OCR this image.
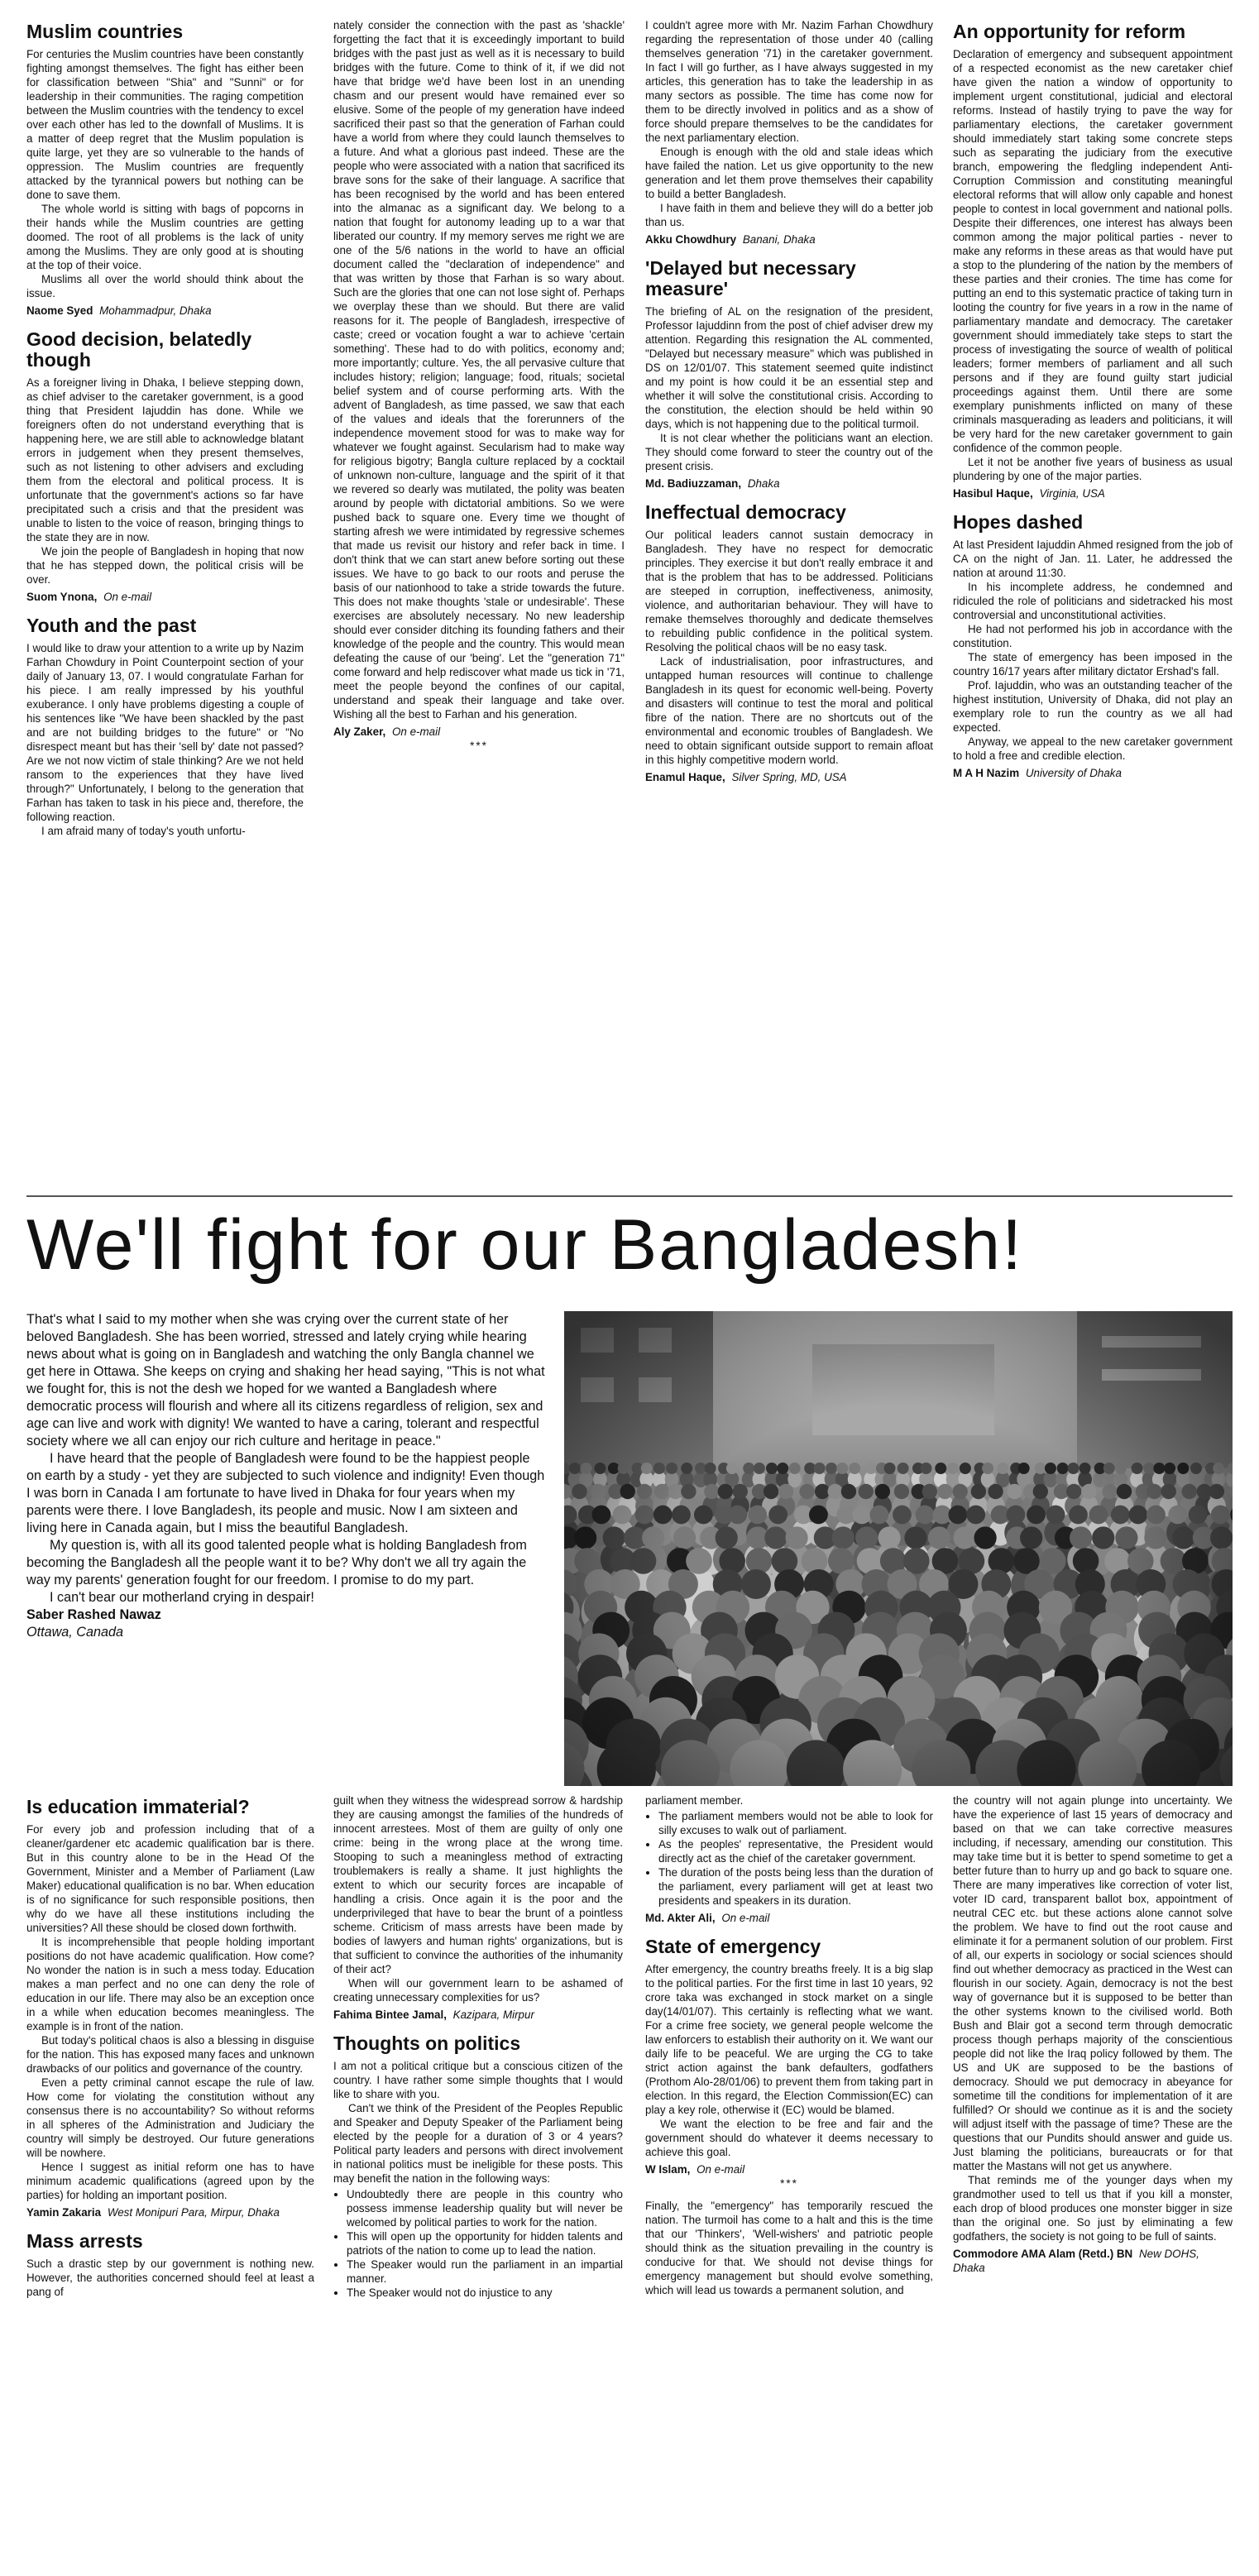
Muslim countries

For centuries the Muslim countries have been constantly fighting amongst themselves. The fight has either been for classification between "Shia" and "Sunni" or for leadership in their communities. The raging competition between the Muslim countries with the tendency to excel over each other has led to the downfall of Muslims. It is a matter of deep regret that the Muslim population is quite large, yet they are so vulnerable to the hands of oppression. The Muslim countries are frequently attacked by the tyrannical powers but nothing can be done to save them.

The whole world is sitting with bags of popcorns in their hands while the Muslim countries are getting doomed. The root of all problems is the lack of unity among the Muslims. They are only good at is shouting at the top of their voice.

Muslims all over the world should think about the issue.

Naome Syed Mohammadpur, Dhaka
Good decision, belatedly though

As a foreigner living in Dhaka, I believe stepping down, as chief adviser to the caretaker government, is a good thing that President Iajuddin has done. While we foreigners often do not understand everything that is happening here, we are still able to acknowledge blatant errors in judgement when they present themselves, such as not listening to other advisers and excluding them from the electoral and political process. It is unfortunate that the government's actions so far have precipitated such a crisis and that the president was unable to listen to the voice of reason, bringing things to the state they are in now.

We join the people of Bangladesh in hoping that now that he has stepped down, the political crisis will be over.

Suom Ynona, On e-mail
Youth and the past

I would like to draw your attention to a write up by Nazim Farhan Chowdury in Point Counterpoint section of your daily of January 13, 07. I would congratulate Farhan for his piece. I am really impressed by his youthful exuberance. I only have problems digesting a couple of his sentences like "We have been shackled by the past and are not building bridges to the future" or "No disrespect meant but has their 'sell by' date not passed? Are we not now victim of stale thinking? Are we not held ransom to the experiences that they have lived through?" Unfortunately, I belong to the generation that Farhan has taken to task in his piece and, therefore, the following reaction.

I am afraid many of today's youth unfortu-

nately consider the connection with the past as 'shackle' forgetting the fact that it is exceedingly important to build bridges with the past just as well as it is necessary to build bridges with the future. Come to think of it, if we did not have that bridge we'd have been lost in an unending chasm and our present would have remained ever so elusive. Some of the people of my generation have indeed sacrificed their past so that the generation of Farhan could have a world from where they could launch themselves to a future. And what a glorious past indeed. These are the people who were associated with a nation that sacrificed its brave sons for the sake of their language. A sacrifice that has been recognised by the world and has been entered into the almanac as a significant day. We belong to a nation that fought for autonomy leading up to a war that liberated our country. If my memory serves me right we are one of the 5/6 nations in the world to have an official document called the "declaration of independence" and that was written by those that Farhan is so wary about. Such are the glories that one can not lose sight of. Perhaps we overplay these than we should. But there are valid reasons for it. The people of Bangladesh, irrespective of caste; creed or vocation fought a war to achieve 'certain something'. These had to do with politics, economy and; more importantly; culture. Yes, the all pervasive culture that includes history; religion; language; food, rituals; societal belief system and of course performing arts. With the advent of Bangladesh, as time passed, we saw that each of the values and ideals that the forerunners of the independence movement stood for was to make way for whatever we fought against. Secularism had to make way for religious bigotry; Bangla culture replaced by a cocktail of unknown non-culture, language and the spirit of it that we revered so dearly was mutilated, the polity was beaten around by people with dictatorial ambitions. So we were pushed back to square one. Every time we thought of starting afresh we were intimidated by regressive schemes that made us revisit our history and refer back in time. I don't think that we can start anew before sorting out these issues. We have to go back to our roots and peruse the basis of our nationhood to take a stride towards the future. This does not make thoughts 'stale or undesirable'. These exercises are absolutely necessary. No new leadership should ever consider ditching its founding fathers and their knowledge of the people and the country. This would mean defeating the cause of our 'being'. Let the "generation 71" come forward and help rediscover what made us tick in '71, meet the people beyond the confines of our capital, understand and speak their language and take over. Wishing all the best to Farhan and his generation.

Aly Zaker, On e-mail
***

I couldn't agree more with Mr. Nazim Farhan Chowdhury regarding the representation of those under 40 (calling themselves generation '71) in the caretaker government. In fact I will go further, as I have always suggested in my articles, this generation has to take the leadership in as many sectors as possible. The time has come now for them to be directly involved in politics and as a show of force should prepare themselves to be the candidates for the next parliamentary election.

Enough is enough with the old and stale ideas which have failed the nation. Let us give opportunity to the new generation and let them prove themselves their capability to build a better Bangladesh.

I have faith in them and believe they will do a better job than us.

Akku Chowdhury Banani, Dhaka
'Delayed but necessary measure'

The briefing of AL on the resignation of the president, Professor Iajuddinn from the post of chief adviser drew my attention. Regarding this resignation the AL commented, "Delayed but necessary measure" which was published in DS on 12/01/07. This statement seemed quite indistinct and my point is how could it be an essential step and whether it will solve the constitutional crisis. According to the constitution, the election should be held within 90 days, which is not happening due to the political turmoil.

It is not clear whether the politicians want an election. They should come forward to steer the country out of the present crisis.

Md. Badiuzzaman, Dhaka
Ineffectual democracy

Our political leaders cannot sustain democracy in Bangladesh. They have no respect for democratic principles. They exercise it but don't really embrace it and that is the problem that has to be addressed. Politicians are steeped in corruption, ineffectiveness, animosity, violence, and authoritarian behaviour. They will have to remake themselves thoroughly and dedicate themselves to rebuilding public confidence in the political system. Resolving the political chaos will be no easy task.

Lack of industrialisation, poor infrastructures, and untapped human resources will continue to challenge Bangladesh in its quest for economic well-being. Poverty and disasters will continue to test the moral and political fibre of the nation. There are no shortcuts out of the environmental and economic troubles of Bangladesh. We need to obtain significant outside support to remain afloat in this highly competitive modern world.

Enamul Haque, Silver Spring, MD, USA
An opportunity for reform

Declaration of emergency and subsequent appointment of a respected economist as the new caretaker chief have given the nation a window of opportunity to implement urgent constitutional, judicial and electoral reforms. Instead of hastily trying to pave the way for parliamentary elections, the caretaker government should immediately start taking some concrete steps such as separating the judiciary from the executive branch, empowering the fledgling independent Anti-Corruption Commission and constituting meaningful electoral reforms that will allow only capable and honest people to contest in local government and national polls. Despite their differences, one interest has always been common among the major political parties - never to make any reforms in these areas as that would have put a stop to the plundering of the nation by the members of these parties and their cronies. The time has come for putting an end to this systematic practice of taking turn in looting the country for five years in a row in the name of parliamentary mandate and democracy. The caretaker government should immediately take steps to start the process of investigating the source of wealth of political leaders; former members of parliament and all such persons and if they are found guilty start judicial proceedings against them. Until there are some exemplary punishments inflicted on many of these criminals masquerading as leaders and politicians, it will be very hard for the new caretaker government to gain confidence of the common people.

Let it not be another five years of business as usual plundering by one of the major parties.

Hasibul Haque, Virginia, USA
Hopes dashed

At last President Iajuddin Ahmed resigned from the job of CA on the night of Jan. 11. Later, he addressed the nation at around 11:30.

In his incomplete address, he condemned and ridiculed the role of politicians and sidetracked his most controversial and unconstitutional activities.

He had not performed his job in accordance with the constitution.

The state of emergency has been imposed in the country 16/17 years after military dictator Ershad's fall.

Prof. Iajuddin, who was an outstanding teacher of the highest institution, University of Dhaka, did not play an exemplary role to run the country as we all had expected.

Anyway, we appeal to the new caretaker government to hold a free and credible election.

M A H Nazim University of Dhaka
We'll fight for our Bangladesh!

That's what I said to my mother when she was crying over the current state of her beloved Bangladesh. She has been worried, stressed and lately crying while hearing news about what is going on in Bangladesh and watching the only Bangla channel we get here in Ottawa. She keeps on crying and shaking her head saying, "This is not what we fought for, this is not the desh we hoped for we wanted a Bangladesh where democratic process will flourish and where all its citizens regardless of religion, sex and age can live and work with dignity! We wanted to have a caring, tolerant and respectful society where we all can enjoy our rich culture and heritage in peace."

I have heard that the people of Bangladesh were found to be the happiest people on earth by a study - yet they are subjected to such violence and indignity! Even though I was born in Canada I am fortunate to have lived in Dhaka for four years when my parents were there. I love Bangladesh, its people and music. Now I am sixteen and living here in Canada again, but I miss the beautiful Bangladesh.

My question is, with all its good talented people what is holding Bangladesh from becoming the Bangladesh all the people want it to be? Why don't we all try again the way my parents' generation fought for our freedom. I promise to do my part.

I can't bear our motherland crying in despair!

Saber Rashed Nawaz
Ottawa, Canada
Is education immaterial?

For every job and profession including that of a cleaner/gardener etc academic qualification bar is there. But in this country alone to be in the Head Of the Government, Minister and a Member of Parliament (Law Maker) educational qualification is no bar. When education is of no significance for such responsible positions, then why do we have all these institutions including the universities? All these should be closed down forthwith.

It is incomprehensible that people holding important positions do not have academic qualification. How come? No wonder the nation is in such a mess today. Education makes a man perfect and no one can deny the role of education in our life. There may also be an exception once in a while when education becomes meaningless. The example is in front of the nation.

But today's political chaos is also a blessing in disguise for the nation. This has exposed many faces and unknown drawbacks of our politics and governance of the country.

Even a petty criminal cannot escape the rule of law. How come for violating the constitution without any consensus there is no accountability? So without reforms in all spheres of the Administration and Judiciary the country will simply be destroyed. Our future generations will be nowhere.

Hence I suggest as initial reform one has to have minimum academic qualifications (agreed upon by the parties) for holding an important position.

Yamin Zakaria West Monipuri Para, Mirpur, Dhaka
Mass arrests

Such a drastic step by our government is nothing new. However, the authorities concerned should feel at least a pang of

guilt when they witness the widespread sorrow & hardship they are causing amongst the families of the hundreds of innocent arrestees. Most of them are guilty of only one crime: being in the wrong place at the wrong time. Stooping to such a meaningless method of extracting troublemakers is really a shame. It just highlights the extent to which our security forces are incapable of handling a crisis. Once again it is the poor and the underprivileged that have to bear the brunt of a pointless scheme. Criticism of mass arrests have been made by bodies of lawyers and human rights' organizations, but is that sufficient to convince the authorities of the inhumanity of their act?

When will our government learn to be ashamed of creating unnecessary complexities for us?

Fahima Bintee Jamal, Kazipara, Mirpur
Thoughts on politics

I am not a political critique but a conscious citizen of the country. I have rather some simple thoughts that I would like to share with you.

Can't we think of the President of the Peoples Republic and Speaker and Deputy Speaker of the Parliament being elected by the people for a duration of 3 or 4 years? Political party leaders and persons with direct involvement in national politics must be ineligible for these posts. This may benefit the nation in the following ways:

• Undoubtedly there are people in this country who possess immense leadership quality but will never be welcomed by political parties to work for the nation.
• This will open up the opportunity for hidden talents and patriots of the nation to come up to lead the nation.
• The Speaker would run the parliament in an impartial manner.
• The Speaker would not do injustice to any

parliament member.

• The parliament members would not be able to look for silly excuses to walk out of parliament.
• As the peoples' representative, the President would directly act as the chief of the caretaker government.
• The duration of the posts being less than the duration of the parliament, every parliament will get at least two presidents and speakers in its duration.
Md. Akter Ali, On e-mail
State of emergency

After emergency, the country breaths freely. It is a big slap to the political parties. For the first time in last 10 years, 92 crore taka was exchanged in stock market on a single day(14/01/07). This certainly is reflecting what we want. For a crime free society, we general people welcome the law enforcers to establish their authority on it. We want our daily life to be peaceful. We are urging the CG to take strict action against the bank defaulters, godfathers (Prothom Alo-28/01/06) to prevent them from taking part in election. In this regard, the Election Commission(EC) can play a key role, otherwise it (EC) would be blamed.

We want the election to be free and fair and the government should do whatever it deems necessary to achieve this goal.

W Islam, On e-mail
***

Finally, the "emergency" has temporarily rescued the nation. The turmoil has come to a halt and this is the time that our 'Thinkers', 'Well-wishers' and patriotic people should think as the situation prevailing in the country is conducive for that. We should not devise things for emergency management but should evolve something, which will lead us towards a permanent solution, and

the country will not again plunge into uncertainty. We have the experience of last 15 years of democracy and based on that we can take corrective measures including, if necessary, amending our constitution. This may take time but it is better to spend sometime to get a better future than to hurry up and go back to square one. There are many imperatives like correction of voter list, voter ID card, transparent ballot box, appointment of neutral CEC etc. but these actions alone cannot solve the problem. We have to find out the root cause and eliminate it for a permanent solution of our problem. First of all, our experts in sociology or social sciences should find out whether democracy as practiced in the West can flourish in our society. Again, democracy is not the best way of governance but it is supposed to be better than the other systems known to the civilised world. Both Bush and Blair got a second term through democratic process though perhaps majority of the conscientious people did not like the Iraq policy followed by them. The US and UK are supposed to be the bastions of democracy. Should we put democracy in abeyance for sometime till the conditions for implementation of it are fulfilled? Or should we continue as it is and the society will adjust itself with the passage of time? These are the questions that our Pundits should answer and guide us. Just blaming the politicians, bureaucrats or for that matter the Mastans will not get us anywhere.

That reminds me of the younger days when my grandmother used to tell us that if you kill a monster, each drop of blood produces one monster bigger in size than the original one. So just by eliminating a few godfathers, the society is not going to be full of saints.

Commodore AMA Alam (Retd.) BN New DOHS, Dhaka
